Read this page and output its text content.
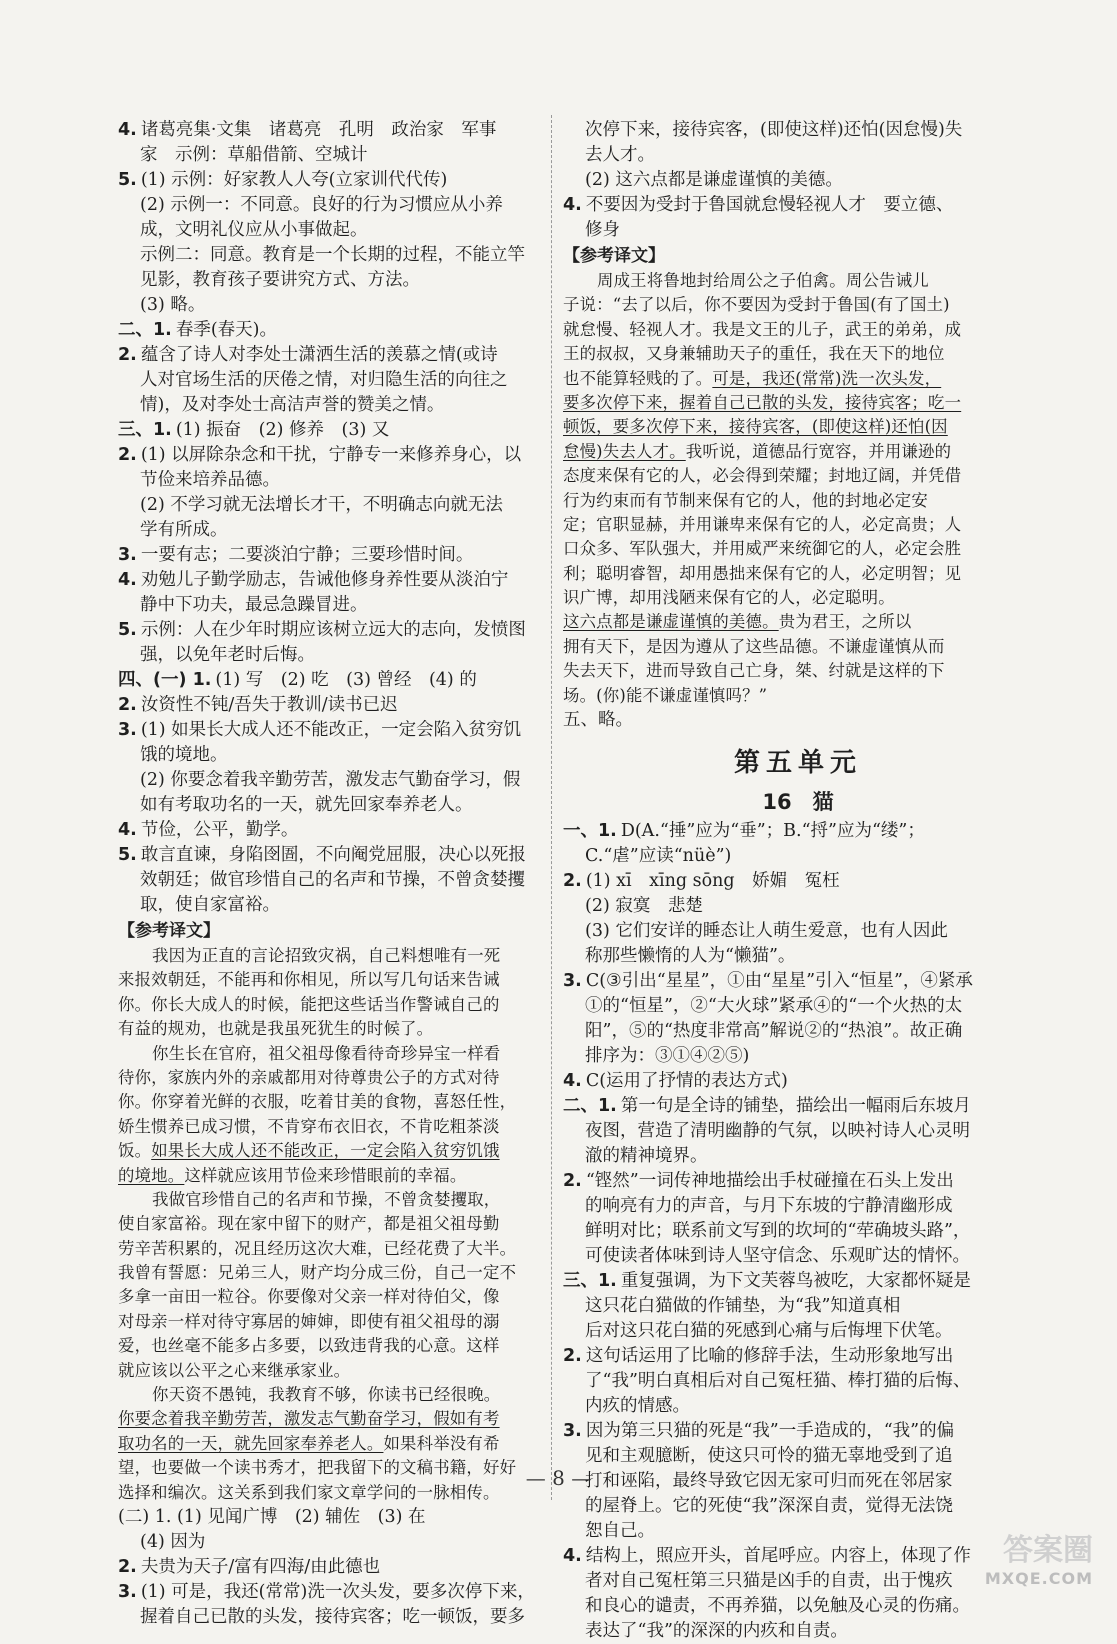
4. 诸葛亮集·文集　诸葛亮　孔明　政治家　军事
家　示例：草船借箭、空城计
5. (1) 示例：好家教人人夸(立家训代代传)
(2) 示例一：不同意。良好的行为习惯应从小养
成，文明礼仪应从小事做起。
示例二：同意。教育是一个长期的过程，不能立竿
见影，教育孩子要讲究方式、方法。
(3) 略。
二、1. 春季(春天)。
2. 蕴含了诗人对李处士潇洒生活的羡慕之情(或诗
人对官场生活的厌倦之情，对归隐生活的向往之
情)，及对李处士高洁声誉的赞美之情。
三、1. (1) 振奋　(2) 修养　(3) 又
2. (1) 以屏除杂念和干扰，宁静专一来修养身心，以
节俭来培养品德。
(2) 不学习就无法增长才干，不明确志向就无法
学有所成。
3. 一要有志；二要淡泊宁静；三要珍惜时间。
4. 劝勉儿子勤学励志，告诫他修身养性要从淡泊宁
静中下功夫，最忌急躁冒进。
5. 示例：人在少年时期应该树立远大的志向，发愤图
强，以免年老时后悔。
四、(一) 1. (1) 写　(2) 吃　(3) 曾经　(4) 的
2. 汝资性不钝/吾失于教训/读书已迟
3. (1) 如果长大成人还不能改正，一定会陷入贫穷饥
饿的境地。
(2) 你要念着我辛勤劳苦，激发志气勤奋学习，假
如有考取功名的一天，就先回家奉养老人。
4. 节俭，公平，勤学。
5. 敢言直谏，身陷囹圄，不向阉党屈服，决心以死报
效朝廷；做官珍惜自己的名声和节操，不曾贪婪攫
取，使自家富裕。
【参考译文】
我因为正直的言论招致灾祸，自己料想唯有一死
来报效朝廷，不能再和你相见，所以写几句话来告诫
你。你长大成人的时候，能把这些话当作警诫自己的
有益的规劝，也就是我虽死犹生的时候了。
你生长在官府，祖父祖母像看待奇珍异宝一样看
待你，家族内外的亲戚都用对待尊贵公子的方式对待
你。你穿着光鲜的衣服，吃着甘美的食物，喜怒任性，
娇生惯养已成习惯，不肯穿布衣旧衣，不肯吃粗茶淡
饭。如果长大成人还不能改正，一定会陷入贫穷饥饿
的境地。这样就应该用节俭来珍惜眼前的幸福。
我做官珍惜自己的名声和节操，不曾贪婪攫取，
使自家富裕。现在家中留下的财产，都是祖父祖母勤
劳辛苦积累的，况且经历这次大难，已经花费了大半。
我曾有誓愿：兄弟三人，财产均分成三份，自己一定不
多拿一亩田一粒谷。你要像对父亲一样对待伯父，像
对母亲一样对待守寡居的婶婶，即使有祖父祖母的溺
爱，也丝毫不能多占多要，以致违背我的心意。这样
就应该以公平之心来继承家业。
你天资不愚钝，我教育不够，你读书已经很晚。
你要念着我辛勤劳苦，激发志气勤奋学习，假如有考
取功名的一天，就先回家奉养老人。如果科举没有希
望，也要做一个读书秀才，把我留下的文稿书籍，好好
选择和编次。这关系到我们家文章学问的一脉相传。
(二) 1. (1) 见闻广博　(2) 辅佐　(3) 在
(4) 因为
2. 夫贵为天子/富有四海/由此德也
3. (1) 可是，我还(常常)洗一次头发，要多次停下来，
握着自己已散的头发，接待宾客；吃一顿饭，要多
次停下来，接待宾客，(即使这样)还怕(因怠慢)失
去人才。
(2) 这六点都是谦虚谨慎的美德。
4. 不要因为受封于鲁国就怠慢轻视人才　要立德、
修身
【参考译文】
周成王将鲁地封给周公之子伯禽。周公告诫儿
子说：“去了以后，你不要因为受封于鲁国(有了国土)
就怠慢、轻视人才。我是文王的儿子，武王的弟弟，成
王的叔叔，又身兼辅助天子的重任，我在天下的地位
也不能算轻贱的了。可是，我还(常常)洗一次头发，
要多次停下来，握着自己已散的头发，接待宾客；吃一
顿饭，要多次停下来，接待宾客，(即使这样)还怕(因
怠慢)失去人才。我听说，道德品行宽容，并用谦逊的
态度来保有它的人，必会得到荣耀；封地辽阔，并凭借
行为约束而有节制来保有它的人，他的封地必定安
定；官职显赫，并用谦卑来保有它的人，必定高贵；人
口众多、军队强大，并用威严来统御它的人，必定会胜
利；聪明睿智，却用愚拙来保有它的人，必定明智；见
识广博，却用浅陋来保有它的人，必定聪明。
这六点都是谦虚谨慎的美德。贵为君王，之所以
拥有天下，是因为遵从了这些品德。不谦虚谨慎从而
失去天下，进而导致自己亡身，桀、纣就是这样的下
场。(你)能不谦虚谨慎吗？”
五、略。
第五单元
16　猫
一、1. D(A.“捶”应为“垂”；B.“捋”应为“缕”；
C.“虐”应读“nüè”)
2. (1) xī　xīng sōng　娇媚　冤枉
(2) 寂寞　悲楚
(3) 它们安详的睡态让人萌生爱意，也有人因此
称那些懒惰的人为“懒猫”。
3. C(③引出“星星”，①由“星星”引入“恒星”，④紧承
①的“恒星”，②“大火球”紧承④的“一个火热的太
阳”，⑤的“热度非常高”解说②的“热浪”。故正确
排序为：③①④②⑤)
4. C(运用了抒情的表达方式)
二、1. 第一句是全诗的铺垫，描绘出一幅雨后东坡月
夜图，营造了清明幽静的气氛，以映衬诗人心灵明
澈的精神境界。
2. “铿然”一词传神地描绘出手杖碰撞在石头上发出
的响亮有力的声音，与月下东坡的宁静清幽形成
鲜明对比；联系前文写到的坎坷的“荦确坡头路”，
可使读者体味到诗人坚守信念、乐观旷达的情怀。
三、1. 重复强调，为下文芙蓉鸟被吃，大家都怀疑是
这只花白猫做的作铺垫，为“我”知道真相
后对这只花白猫的死感到心痛与后悔埋下伏笔。
2. 这句话运用了比喻的修辞手法，生动形象地写出
了“我”明白真相后对自己冤枉猫、棒打猫的后悔、
内疚的情感。
3. 因为第三只猫的死是“我”一手造成的，“我”的偏
见和主观臆断，使这只可怜的猫无辜地受到了追
打和诬陷，最终导致它因无家可归而死在邻居家
的屋脊上。它的死使“我”深深自责，觉得无法饶
恕自己。
4. 结构上，照应开头，首尾呼应。内容上，体现了作
者对自己冤枉第三只猫是凶手的自责，出于愧疚
和良心的谴责，不再养猫，以免触及心灵的伤痛。
表达了“我”的深深的内疚和自责。
— 8 —
答案圈
MXQE.COM
